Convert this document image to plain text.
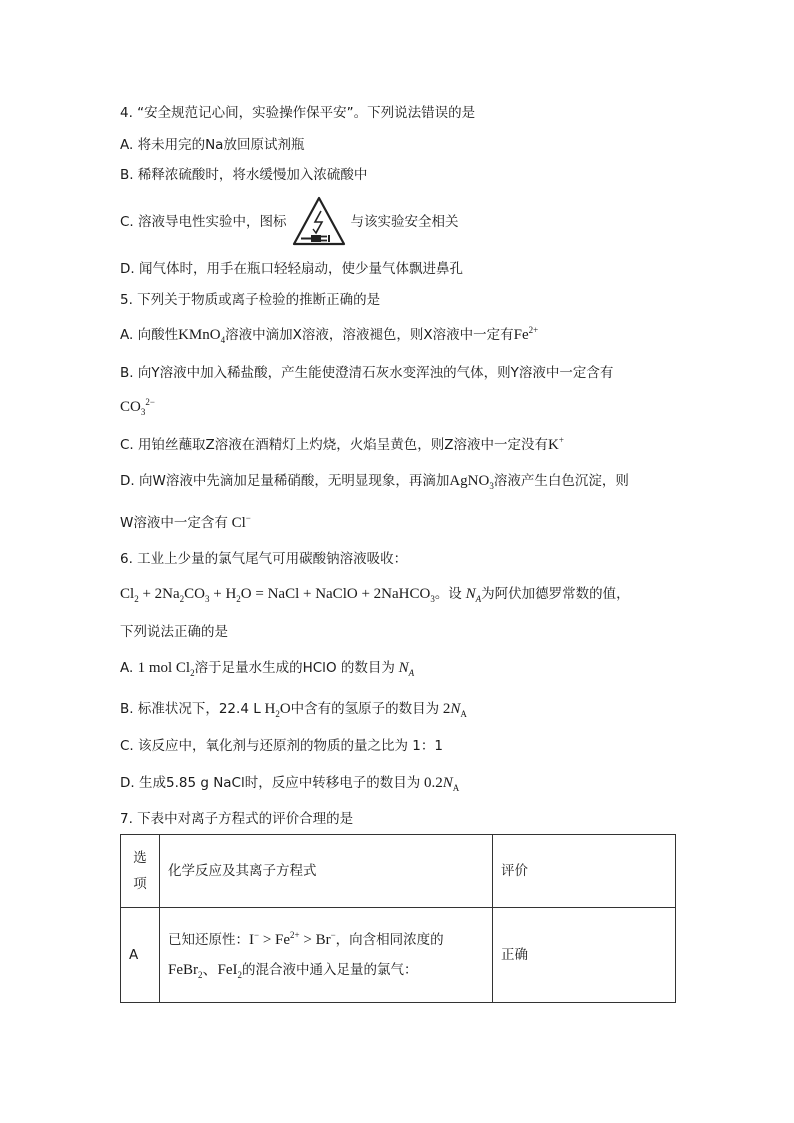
4. “安全规范记心间，实验操作保平安”。下列说法错误的是
A. 将未用完的Na放回原试剂瓶
B. 稀释浓硫酸时，将水缓慢加入浓硫酸中
C. 溶液导电性实验中，图标	与该实验安全相关
D. 闻气体时，用手在瓶口轻轻扇动，使少量气体飘进鼻孔
5. 下列关于物质或离子检验的推断正确的是
A. 向酸性KMnO$_4$溶液中滴加X溶液，溶液褪色，则X溶液中一定有$Fe^{2+}$
B. 向Y溶液中加入稀盐酸，产生能使澄清石灰水变浑浊的气体，则Y溶液中一定含有
$CO_3^{2-}$
C. 用铂丝蘸取Z溶液在酒精灯上灼烧，火焰呈黄色，则Z溶液中一定没有K+
D. 向W溶液中先滴加足量稀硝酸，无明显现象，再滴加AgNO$_3$溶液产生白色沉淀，则
W溶液中一定含有 Cl−
6. 工业上少量的氯气尾气可用碳酸钠溶液吸收：
$Cl_2 + 2Na_2CO_3 + H_2O$ = NaCl + NaClO + 2NaHCO$_3$。设 $N_A$为阿伏加德罗常数的值，
下列说法正确的是
A. 1 mol $Cl_2$溶于足量水生成的HClO 的数目为 $N_A$
B. 标准状况下，22.4 L $H_2O$中含有的氢原子的数目为 $2N_A$
C. 该反应中，氧化剂与还原剂的物质的量之比为 1：1
D. 生成5.85 g NaCl时，反应中转移电子的数目为 $0.2N_A$
7. 下表中对离子方程式的评价合理的是
选
项	化学反应及其离子方程式	评价
A	已知还原性：$I^- > Fe^{2+} > Br^-$，向含相同浓度的
FeBr$_2$、FeI$_2$的混合液中通入足量的氯气：	正确
